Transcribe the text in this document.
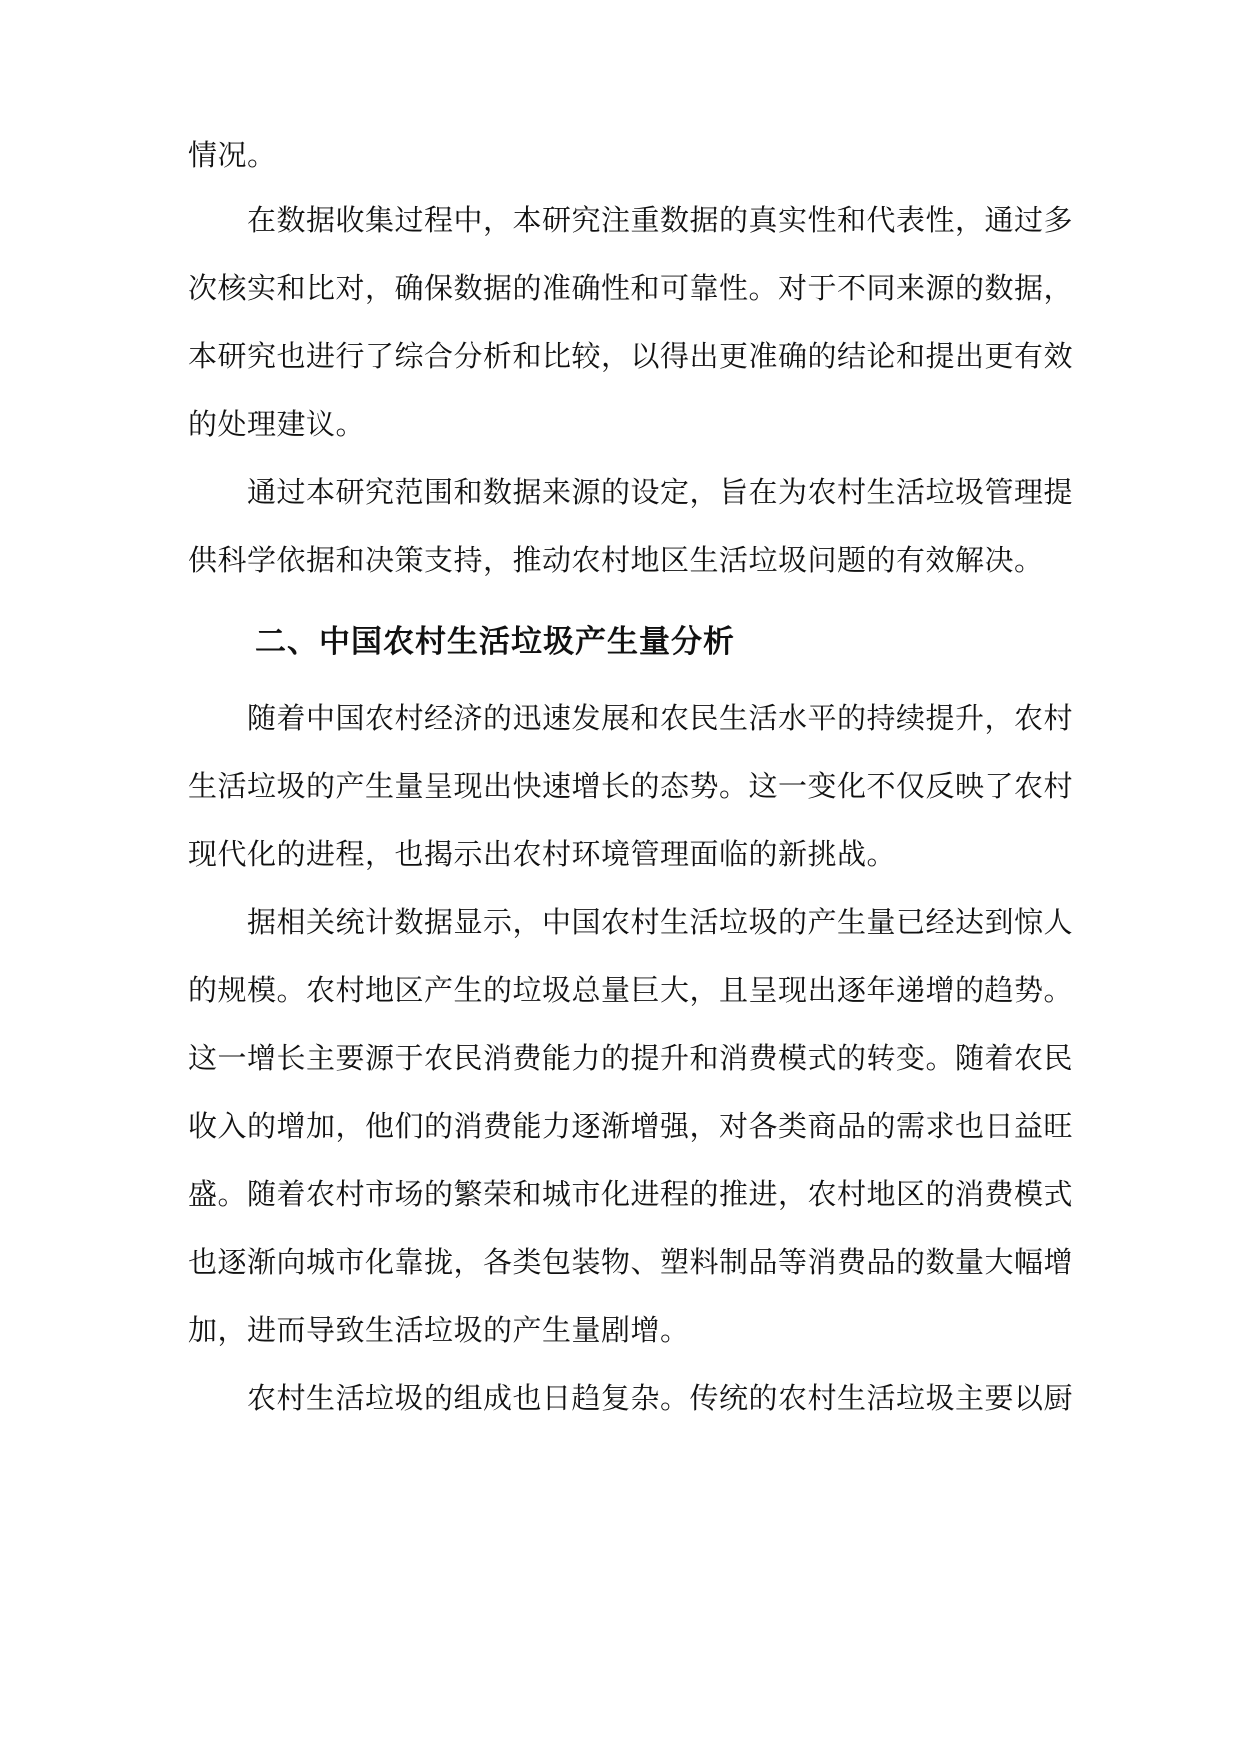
情况。
在数据收集过程中，本研究注重数据的真实性和代表性，通过多
次核实和比对，确保数据的准确性和可靠性。对于不同来源的数据，
本研究也进行了综合分析和比较，以得出更准确的结论和提出更有效
的处理建议。
通过本研究范围和数据来源的设定，旨在为农村生活垃圾管理提
供科学依据和决策支持，推动农村地区生活垃圾问题的有效解决。
二、中国农村生活垃圾产生量分析
随着中国农村经济的迅速发展和农民生活水平的持续提升，农村
生活垃圾的产生量呈现出快速增长的态势。这一变化不仅反映了农村
现代化的进程，也揭示出农村环境管理面临的新挑战。
据相关统计数据显示，中国农村生活垃圾的产生量已经达到惊人
的规模。农村地区产生的垃圾总量巨大，且呈现出逐年递增的趋势。
这一增长主要源于农民消费能力的提升和消费模式的转变。随着农民
收入的增加，他们的消费能力逐渐增强，对各类商品的需求也日益旺
盛。随着农村市场的繁荣和城市化进程的推进，农村地区的消费模式
也逐渐向城市化靠拢，各类包装物、塑料制品等消费品的数量大幅增
加，进而导致生活垃圾的产生量剧增。
农村生活垃圾的组成也日趋复杂。传统的农村生活垃圾主要以厨
